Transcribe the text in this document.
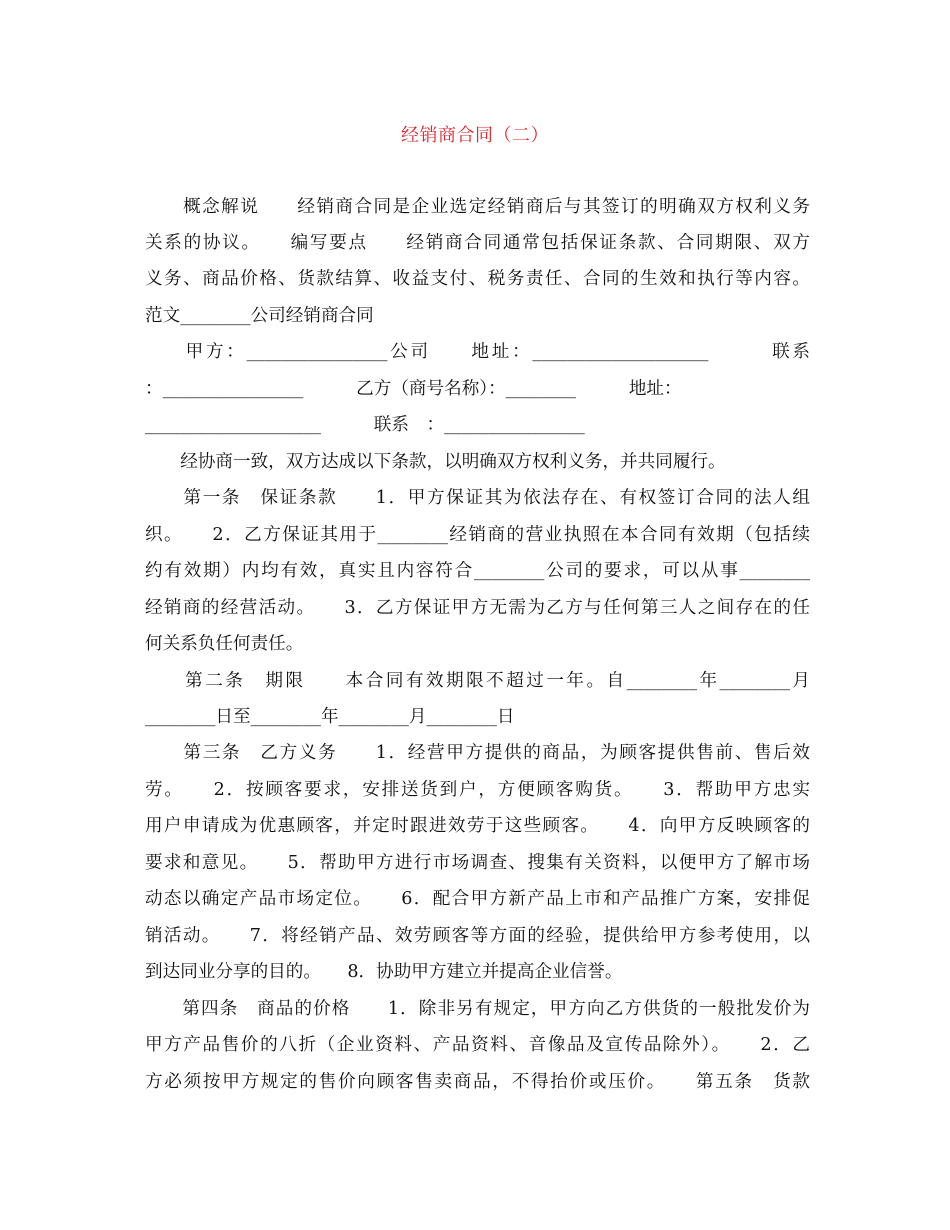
经销商合同（二）
　　概念解说　　经销商合同是企业选定经销商后与其签订的明确双方权利义务
关系的协议。　　编写要点　　经销商合同通常包括保证条款、合同期限、双方
义务、商品价格、货款结算、收益支付、税务责任、合同的生效和执行等内容。
范文________公司经销商合同
　　甲方：________________公司　　地址：____________________　　　联系
：________________　　　乙方（商号名称）：________　　　地址：
____________________　　　联系　：________________
　　经协商一致，双方达成以下条款，以明确双方权利义务，并共同履行。
　　第一条　保证条款　　1．甲方保证其为依法存在、有权签订合同的法人组
织。　　2．乙方保证其用于________经销商的营业执照在本合同有效期（包括续
约有效期）内均有效，真实且内容符合________公司的要求，可以从事________
经销商的经营活动。　　3．乙方保证甲方无需为乙方与任何第三人之间存在的任
何关系负任何责任。
　　第二条　期限　　本合同有效期限不超过一年。自________年________月
________日至________年________月________日
　　第三条　乙方义务　　1．经营甲方提供的商品，为顾客提供售前、售后效
劳。　　2．按顾客要求，安排送货到户，方便顾客购货。　　3．帮助甲方忠实
用户申请成为优惠顾客，并定时跟进效劳于这些顾客。　　4．向甲方反映顾客的
要求和意见。　　5．帮助甲方进行市场调查、搜集有关资料，以便甲方了解市场
动态以确定产品市场定位。　　6．配合甲方新产品上市和产品推广方案，安排促
销活动。　　7．将经销产品、效劳顾客等方面的经验，提供给甲方参考使用，以
到达同业分享的目的。　　8．协助甲方建立并提高企业信誉。
　　第四条　商品的价格　　1．除非另有规定，甲方向乙方供货的一般批发价为
甲方产品售价的八折（企业资料、产品资料、音像品及宣传品除外）。　　2．乙
方必须按甲方规定的售价向顾客售卖商品，不得抬价或压价。　　第五条　货款
